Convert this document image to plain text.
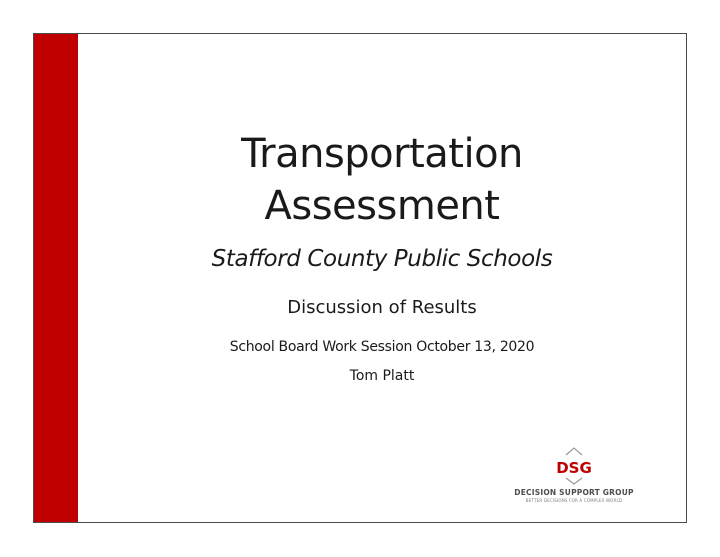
Transportation
Assessment
Stafford County Public Schools
Discussion of Results
School Board Work Session October 13, 2020
Tom Platt
DSG
DECISION SUPPORT GROUP
BETTER DECISIONS FOR A COMPLEX WORLD
